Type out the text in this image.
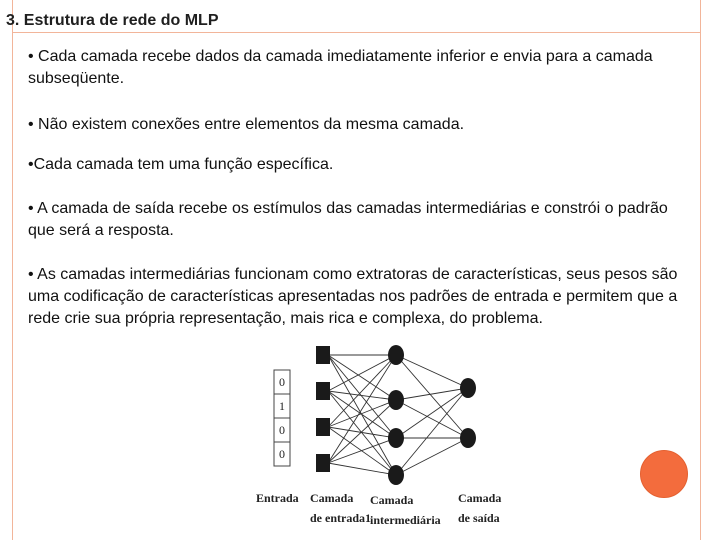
3. Estrutura de rede do MLP

• Cada camada recebe dados da camada imediatamente inferior e envia para a camada subseqüente.

• Não existem conexões entre elementos da mesma camada.

•Cada camada tem uma função específica.

• A camada de saída recebe os estímulos das camadas intermediárias e constrói o padrão que será a resposta.

• As camadas intermediárias funcionam como extratoras de características, seus pesos são uma codificação de características apresentadas nos padrões de entrada e permitem que a rede crie sua própria representação, mais rica e complexa, do problema.

0
1
0
0
Entrada Camada
de entrada1
Camada
intermediária
Camada
de saída
